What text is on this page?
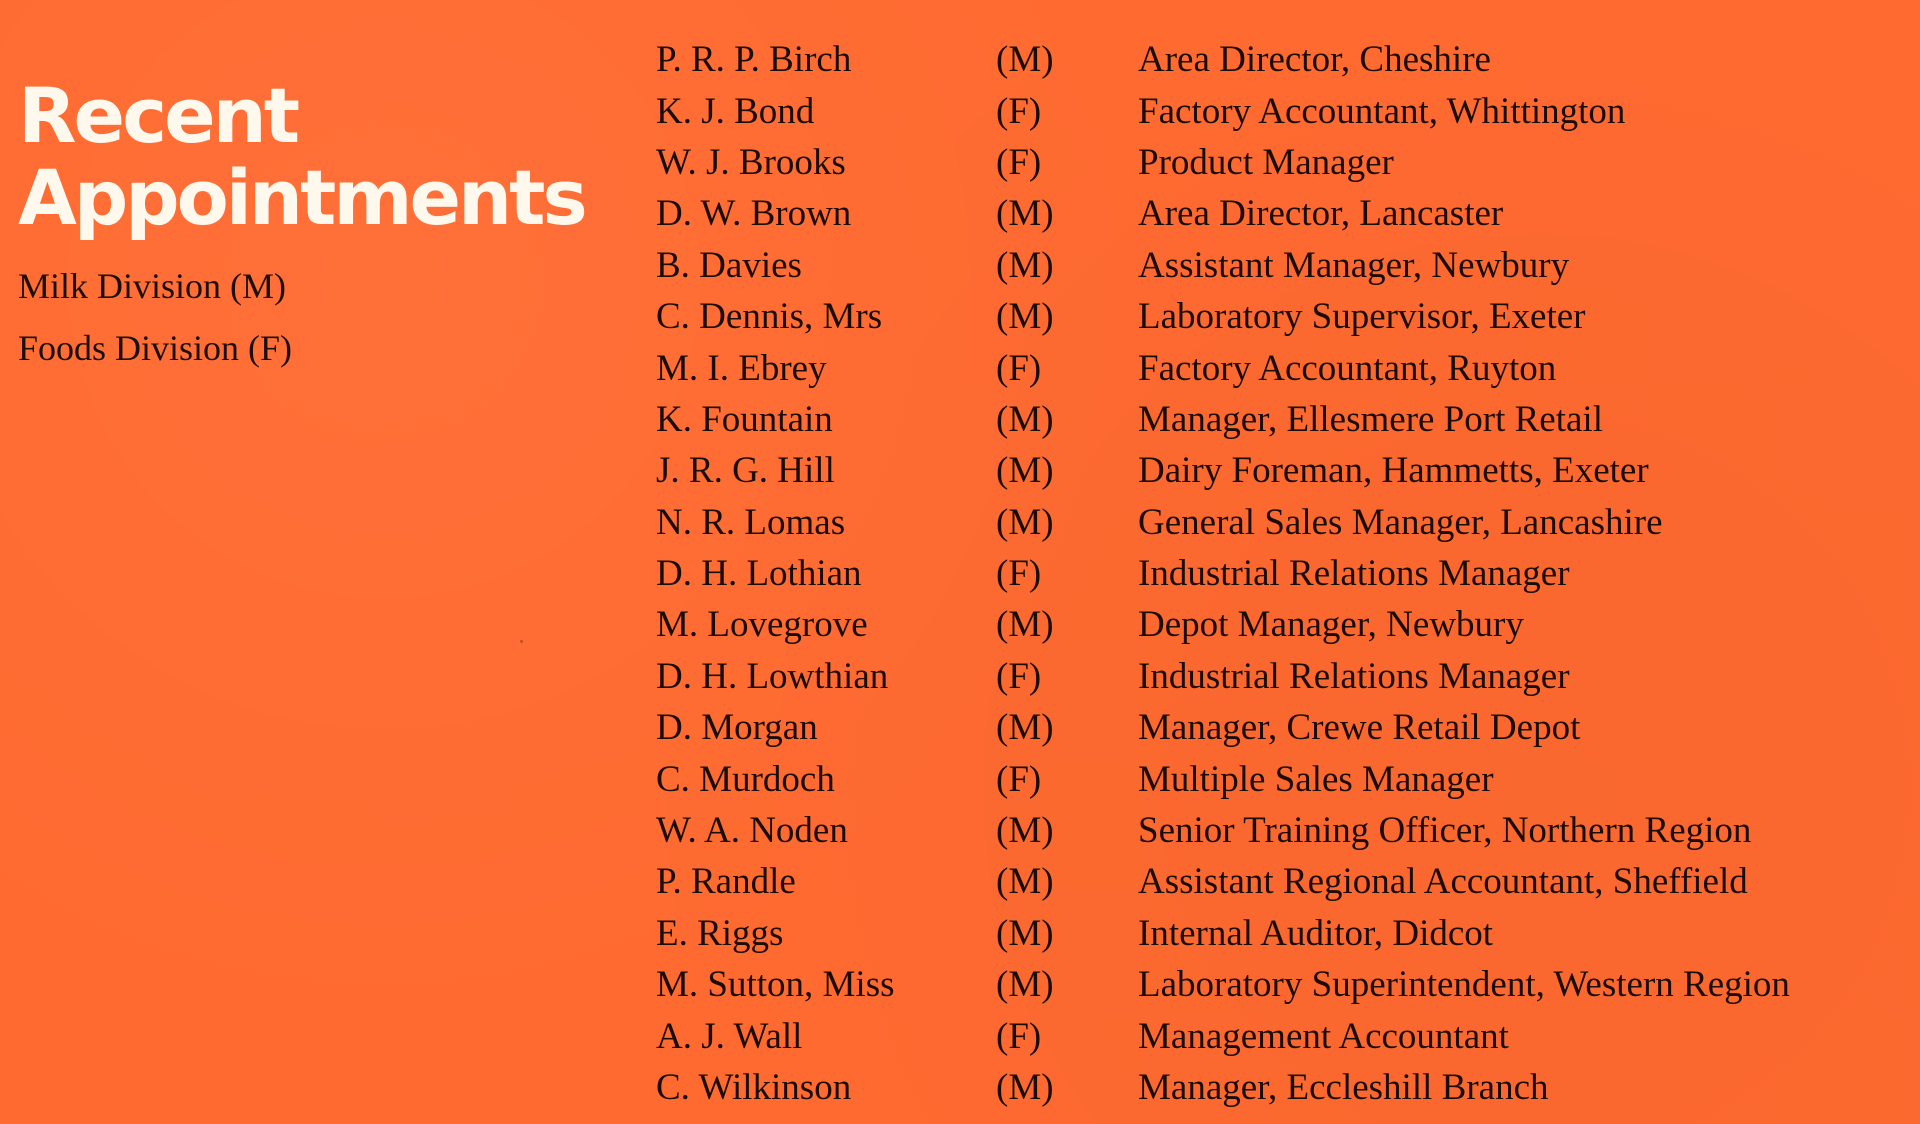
Recent
Appointments
Milk Division (M)
Foods Division (F)
P. R. P. Birch	(M)	Area Director, Cheshire
K. J. Bond	(F)	Factory Accountant, Whittington
W. J. Brooks	(F)	Product Manager
D. W. Brown	(M)	Area Director, Lancaster
B. Davies	(M)	Assistant Manager, Newbury
C. Dennis, Mrs	(M)	Laboratory Supervisor, Exeter
M. I. Ebrey	(F)	Factory Accountant, Ruyton
K. Fountain	(M)	Manager, Ellesmere Port Retail
J. R. G. Hill	(M)	Dairy Foreman, Hammetts, Exeter
N. R. Lomas	(M)	General Sales Manager, Lancashire
D. H. Lothian	(F)	Industrial Relations Manager
M. Lovegrove	(M)	Depot Manager, Newbury
D. H. Lowthian	(F)	Industrial Relations Manager
D. Morgan	(M)	Manager, Crewe Retail Depot
C. Murdoch	(F)	Multiple Sales Manager
W. A. Noden	(M)	Senior Training Officer, Northern Region
P. Randle	(M)	Assistant Regional Accountant, Sheffield
E. Riggs	(M)	Internal Auditor, Didcot
M. Sutton, Miss	(M)	Laboratory Superintendent, Western Region
A. J. Wall	(F)	Management Accountant
C. Wilkinson	(M)	Manager, Eccleshill Branch
